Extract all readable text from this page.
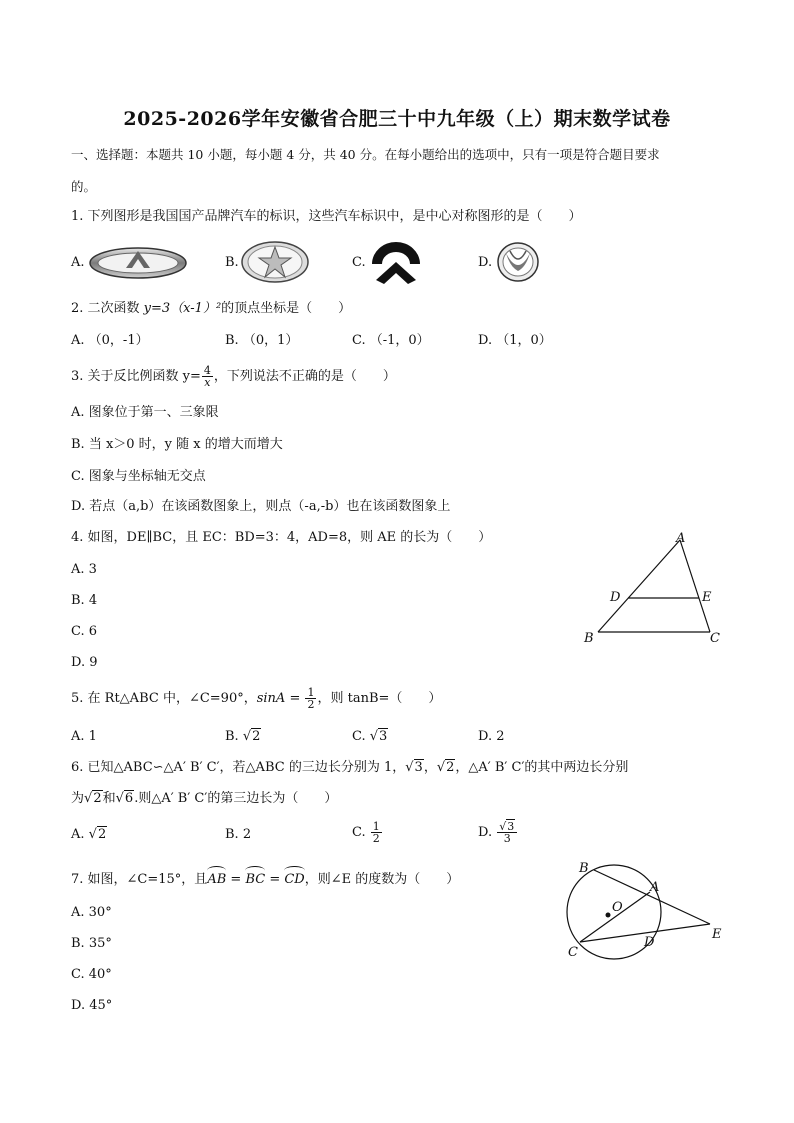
2025-2026学年安徽省合肥三十中九年级（上）期末数学试卷
一、选择题：本题共 10 小题，每小题 4 分，共 40 分。在每小题给出的选项中，只有一项是符合题目要求
的。
1. 下列图形是我国国产品牌汽车的标识，这些汽车标识中，是中心对称图形的是（　　）
A.	B.	C.	D.
2. 二次函数 y=3（x-1）²的顶点坐标是（　　）
A. （0，-1）	B. （0，1）	C. （-1，0）	D. （1，0）
3. 关于反比例函数 $y= \frac{4}{x}$ ，下列说法不正确的是（　　）
A. 图象位于第一、三象限
B. 当 x＞0 时，y 随 x 的增大而增大
C. 图象与坐标轴无交点
D. 若点（a,b）在该函数图象上，则点（-a,-b）也在该函数图象上
4. 如图，DE∥BC，且 EC：BD=3：4，AD=8，则 AE 的长为（　　）
A. 3
B. 4
C. 6
D. 9
A
D	E
B	C
5. 在 Rt△ABC 中，∠C=90°，$\sin A = \frac{1}{2}$ ，则 tanB=（　　）
A. 1	B. √2	C. √3	D. 2
6. 已知△ABC∽△A′ B′ C′，若△ABC 的三边长分别为 1，√3，√2，△A′ B′ C′的其中两边长分别
为√2和√6.则△A′ B′ C′的第三边长为（　　）
A. √2	B. 2	C. $\frac{1}{2}$	D. $\frac{√3}{3}$
7. 如图，∠C=15°，且AB = BC = CD，则∠E 的度数为（　　）
A. 30°
B. 35°
C. 40°
D. 45°
B
A
O
C
D
E
